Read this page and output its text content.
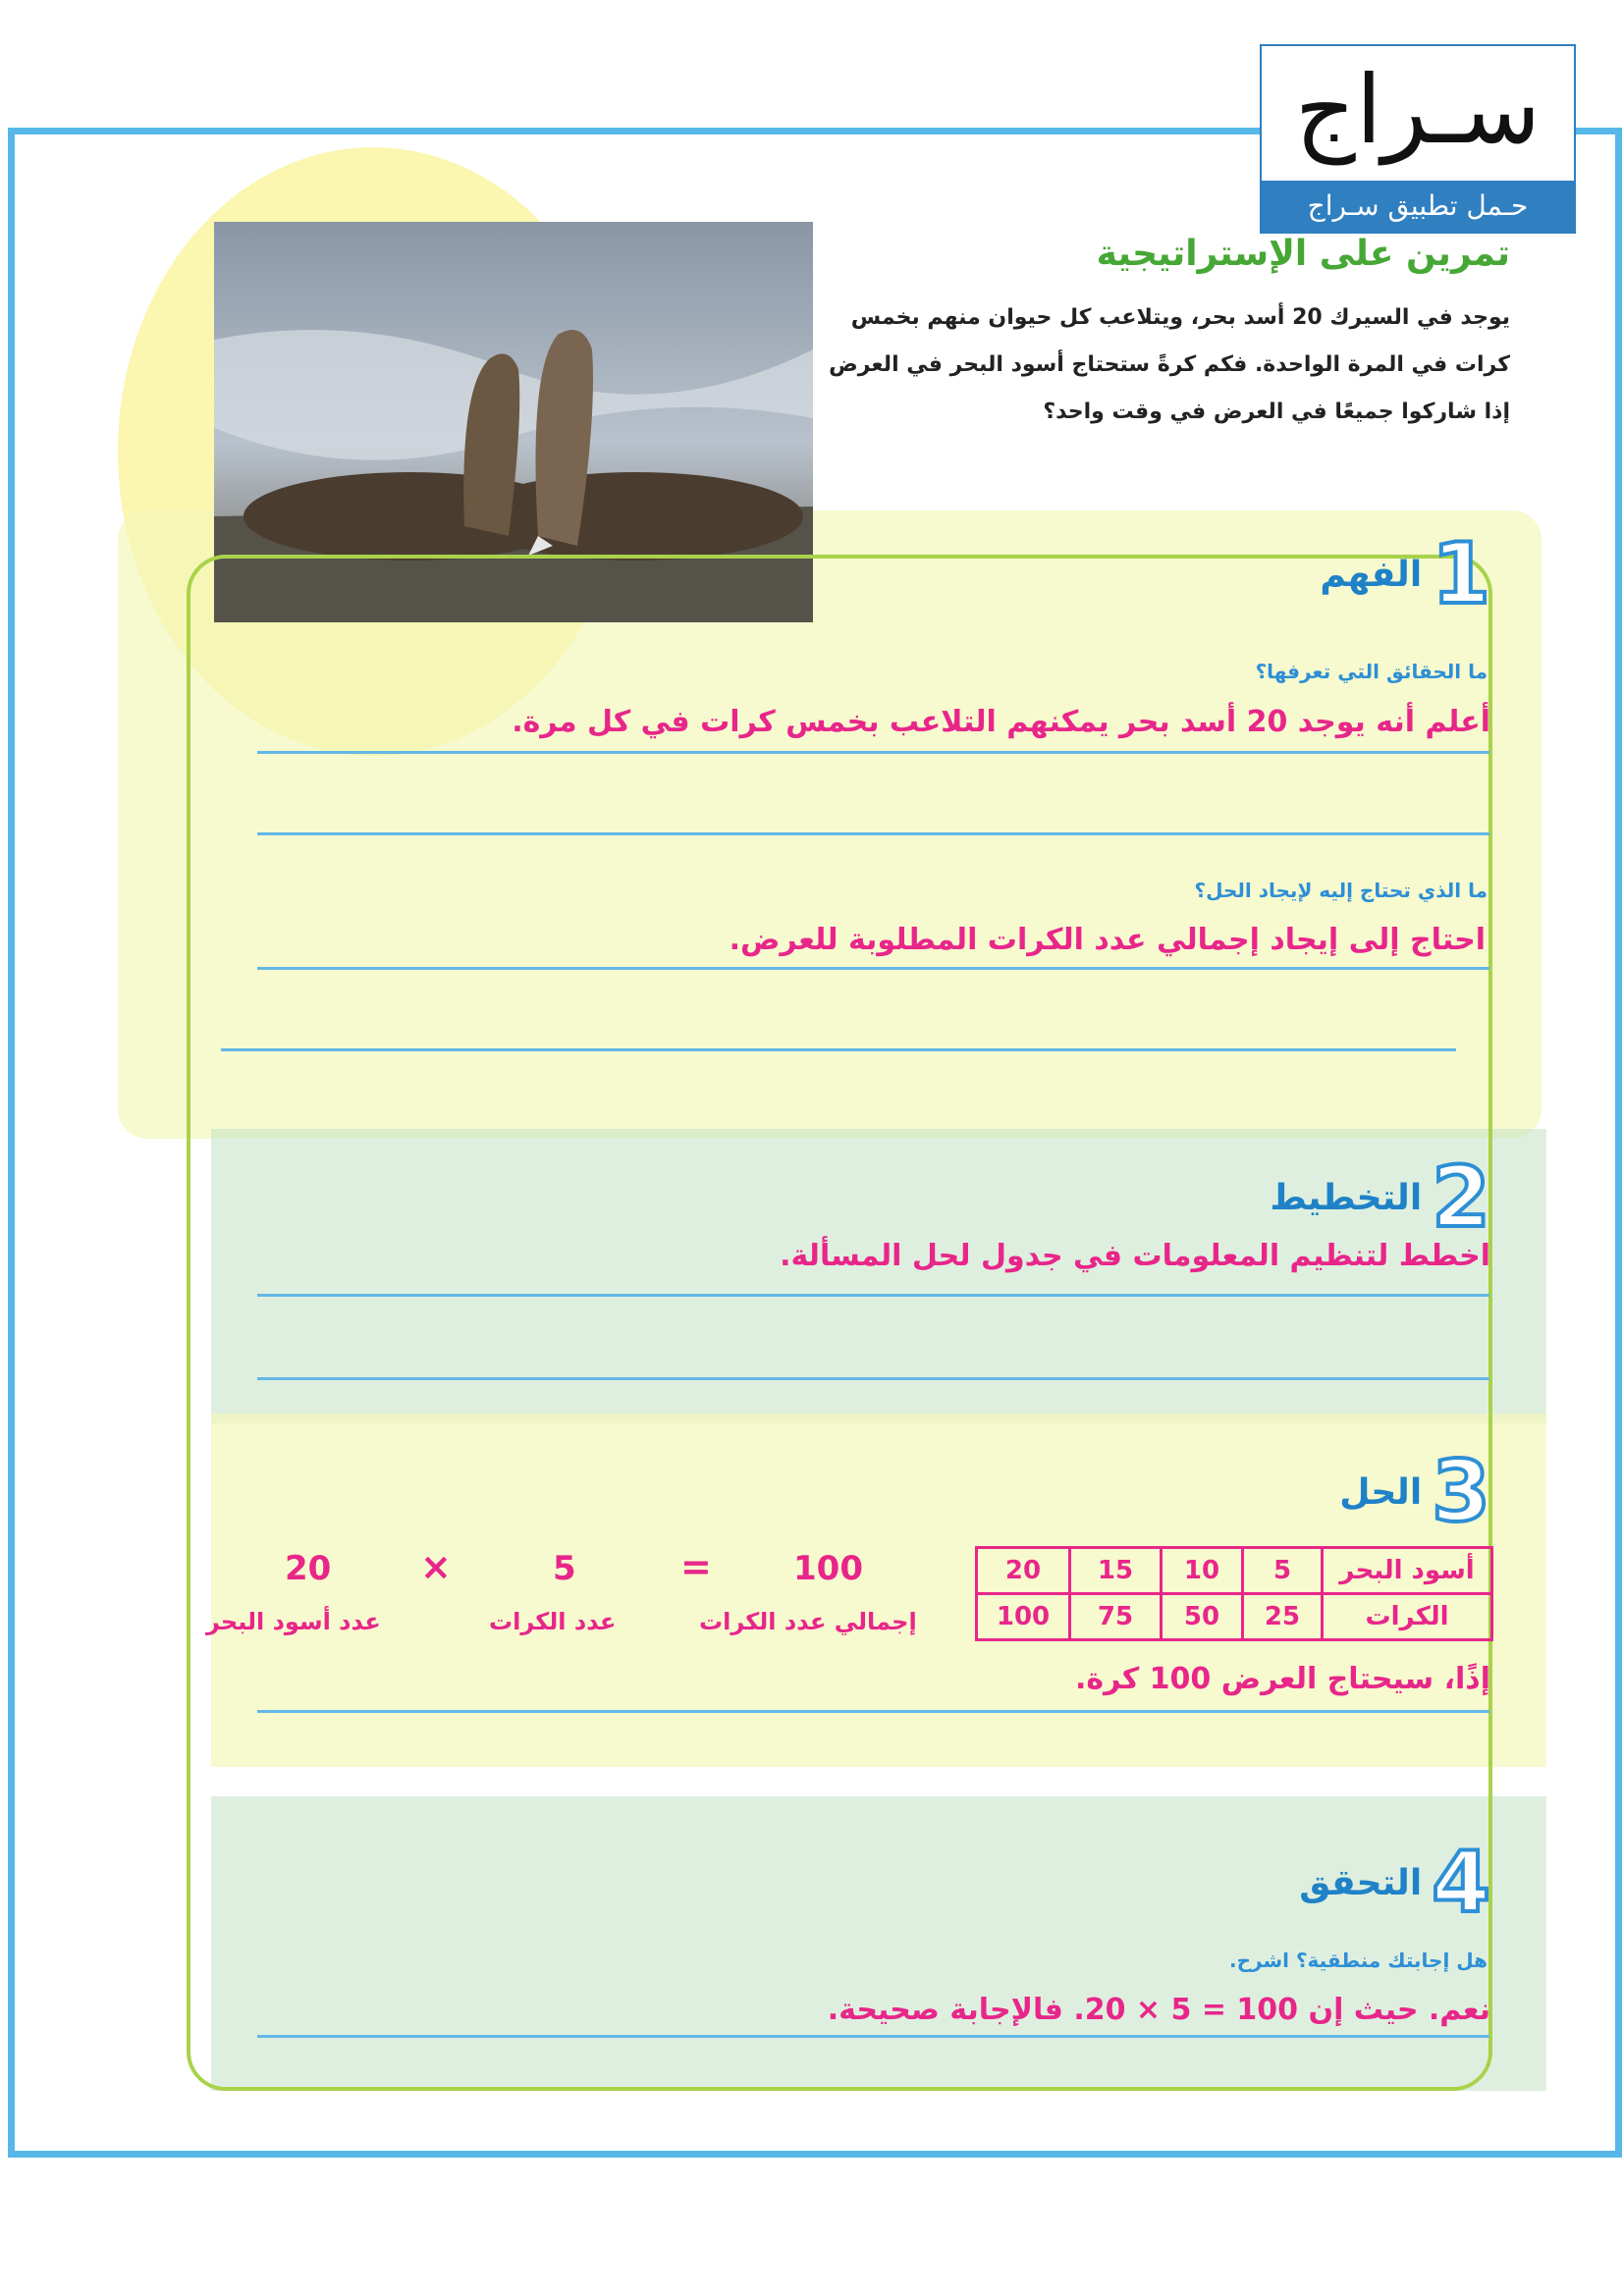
سـراج
حـمل تطبيق سـراج
تمرين على الإستراتيجية
يوجد في السيرك 20 أسد بحر، ويتلاعب كل حيوان منهم بخمس كرات في المرة الواحدة. فكم كرةً ستحتاج أسود البحر في العرض إذا شاركوا جميعًا في العرض في وقت واحد؟
1
الفهم
ما الحقائق التي تعرفها؟
أعلم أنه يوجد 20 أسد بحر يمكنهم التلاعب بخمس كرات في كل مرة.
ما الذي تحتاج إليه لإيجاد الحل؟
احتاج إلى إيجاد إجمالي عدد الكرات المطلوبة للعرض.
2
التخطيط
اخطط لتنظيم المعلومات في جدول لحل المسألة.
3
الحل
أسود البحر	5	10	15	20
الكرات	25	50	75	100
20 ×	5	= 100
عدد أسود البحر	عدد الكرات	إجمالي عدد الكرات
إذًا، سيحتاج العرض 100 كرة.
4
التحقق
هل إجابتك منطقية؟ اشرح.
نعم. حيث إن 100 = 5 × 20. فالإجابة صحيحة.
